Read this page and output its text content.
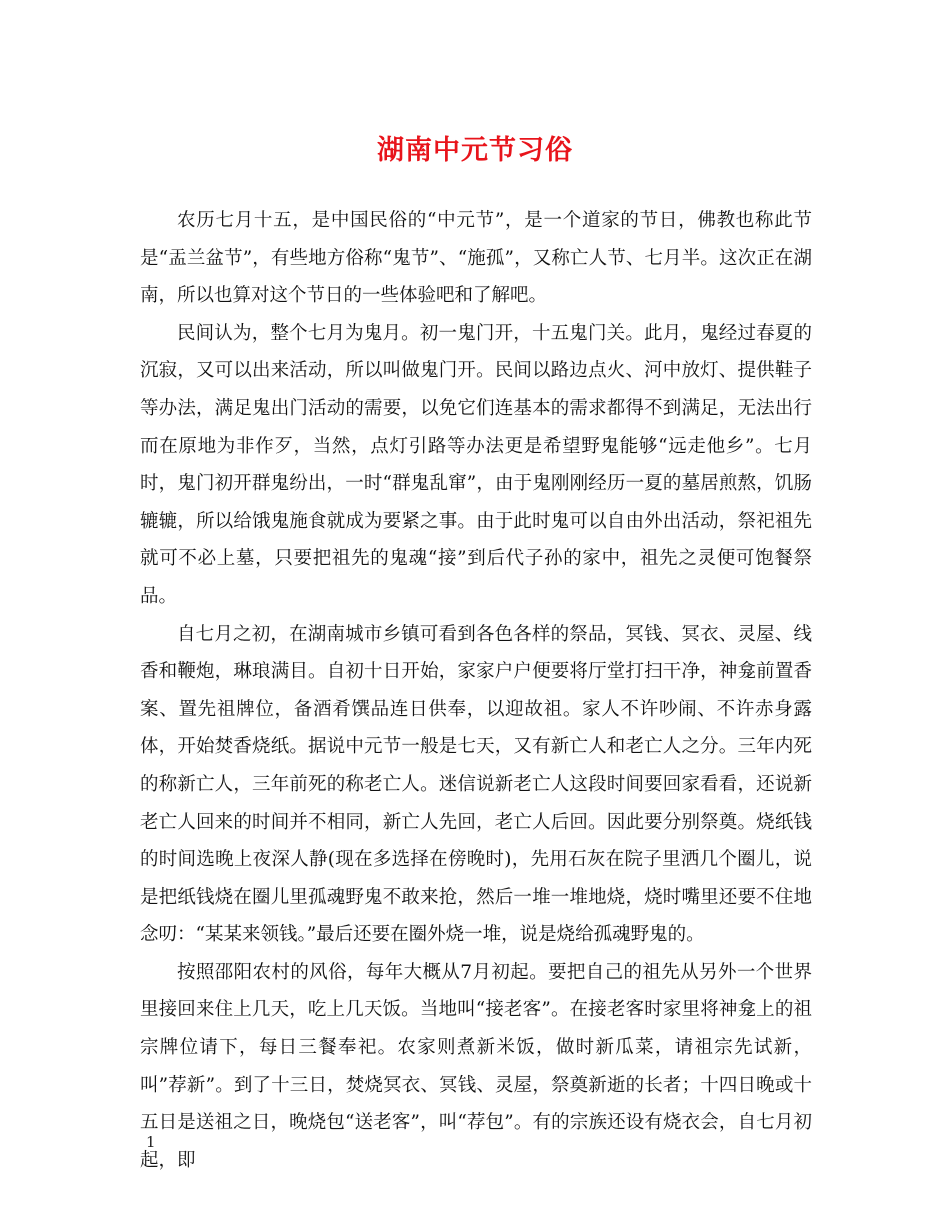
湖南中元节习俗

农历七月十五，是中国民俗的“中元节”，是一个道家的节日，佛教也称此节是“盂兰盆节”，有些地方俗称“鬼节”、“施孤”，又称亡人节、七月半。这次正在湖南，所以也算对这个节日的一些体验吧和了解吧。

民间认为，整个七月为鬼月。初一鬼门开，十五鬼门关。此月，鬼经过春夏的沉寂，又可以出来活动，所以叫做鬼门开。民间以路边点火、河中放灯、提供鞋子等办法，满足鬼出门活动的需要，以免它们连基本的需求都得不到满足，无法出行而在原地为非作歹，当然，点灯引路等办法更是希望野鬼能够“远走他乡”。七月时，鬼门初开群鬼纷出，一时“群鬼乱窜”，由于鬼刚刚经历一夏的墓居煎熬，饥肠辘辘，所以给饿鬼施食就成为要紧之事。由于此时鬼可以自由外出活动，祭祀祖先就可不必上墓，只要把祖先的鬼魂“接”到后代子孙的家中，祖先之灵便可饱餐祭品。

自七月之初，在湖南城市乡镇可看到各色各样的祭品，冥钱、冥衣、灵屋、线香和鞭炮，琳琅满目。自初十日开始，家家户户便要将厅堂打扫干净，神龛前置香案、置先祖牌位，备酒肴馔品连日供奉，以迎故祖。家人不许吵闹、不许赤身露体，开始焚香烧纸。据说中元节一般是七天，又有新亡人和老亡人之分。三年内死的称新亡人，三年前死的称老亡人。迷信说新老亡人这段时间要回家看看，还说新老亡人回来的时间并不相同，新亡人先回，老亡人后回。因此要分别祭奠。烧纸钱的时间选晚上夜深人静(现在多选择在傍晚时)，先用石灰在院子里洒几个圈儿，说是把纸钱烧在圈儿里孤魂野鬼不敢来抢，然后一堆一堆地烧，烧时嘴里还要不住地念叨：“某某来领钱。”最后还要在圈外烧一堆，说是烧给孤魂野鬼的。

按照邵阳农村的风俗，每年大概从7月初起。要把自己的祖先从另外一个世界里接回来住上几天，吃上几天饭。当地叫“接老客”。在接老客时家里将神龛上的祖宗牌位请下，每日三餐奉祀。农家则煮新米饭，做时新瓜菜，请祖宗先试新，叫”荐新”。到了十三日，焚烧冥衣、冥钱、灵屋，祭奠新逝的长者；十四日晚或十五日是送祖之日，晚烧包“送老客”，叫“荐包”。有的宗族还设有烧衣会，自七月初起，即

1
